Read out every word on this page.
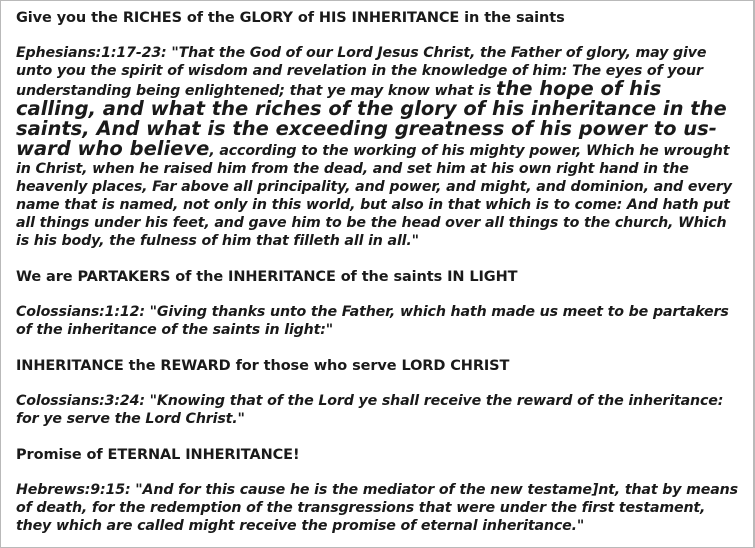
Give you the RICHES of the GLORY of HIS INHERITANCE in the saints

Ephesians:1:17-23: "That the God of our Lord Jesus Christ, the Father of glory, may give unto you the spirit of wisdom and revelation in the knowledge of him: The eyes of your understanding being enlightened; that ye may know what is the hope of his calling, and what the riches of the glory of his inheritance in the saints, And what is the exceeding greatness of his power to us-ward who believe, according to the working of his mighty power, Which he wrought in Christ, when he raised him from the dead, and set him at his own right hand in the heavenly places, Far above all principality, and power, and might, and dominion, and every name that is named, not only in this world, but also in that which is to come: And hath put all things under his feet, and gave him to be the head over all things to the church, Which is his body, the fulness of him that filleth all in all."

We are PARTAKERS of the INHERITANCE of the saints IN LIGHT

Colossians:1:12: "Giving thanks unto the Father, which hath made us meet to be partakers of the inheritance of the saints in light:"

INHERITANCE the REWARD for those who serve LORD CHRIST

Colossians:3:24: "Knowing that of the Lord ye shall receive the reward of the inheritance: for ye serve the Lord Christ."

Promise of ETERNAL INHERITANCE!

Hebrews:9:15: "And for this cause he is the mediator of the new testame]nt, that by means of death, for the redemption of the transgressions that were under the first testament, they which are called might receive the promise of eternal inheritance."
